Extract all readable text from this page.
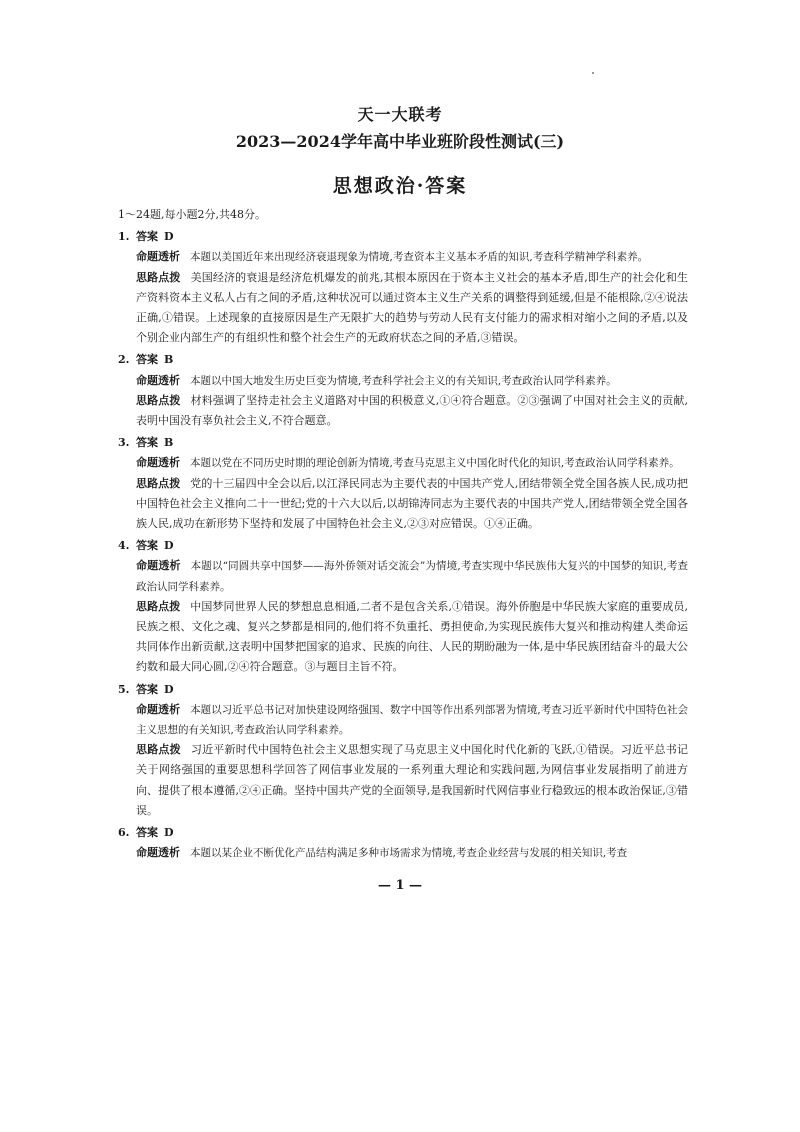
天一大联考
2023—2024学年高中毕业班阶段性测试(三)
思想政治·答案
1～24题,每小题2分,共48分。
1. 答案 D
命题透析 本题以美国近年来出现经济衰退现象为情境,考查资本主义基本矛盾的知识,考查科学精神学科素养。
思路点拨 美国经济的衰退是经济危机爆发的前兆,其根本原因在于资本主义社会的基本矛盾,即生产的社会化和生产资料资本主义私人占有之间的矛盾,这种状况可以通过资本主义生产关系的调整得到延缓,但是不能根除,②④说法正确,①错误。上述现象的直接原因是生产无限扩大的趋势与劳动人民有支付能力的需求相对缩小之间的矛盾,以及个别企业内部生产的有组织性和整个社会生产的无政府状态之间的矛盾,③错误。
2. 答案 B
命题透析 本题以中国大地发生历史巨变为情境,考查科学社会主义的有关知识,考查政治认同学科素养。
思路点拨 材料强调了坚持走社会主义道路对中国的积极意义,①④符合题意。②③强调了中国对社会主义的贡献,表明中国没有辜负社会主义,不符合题意。
3. 答案 B
命题透析 本题以党在不同历史时期的理论创新为情境,考查马克思主义中国化时代化的知识,考查政治认同学科素养。
思路点拨 党的十三届四中全会以后,以江泽民同志为主要代表的中国共产党人,团结带领全党全国各族人民,成功把中国特色社会主义推向二十一世纪;党的十六大以后,以胡锦涛同志为主要代表的中国共产党人,团结带领全党全国各族人民,成功在新形势下坚持和发展了中国特色社会主义,②③对应错误。①④正确。
4. 答案 D
命题透析 本题以“同圆共享中国梦——海外侨领对话交流会”为情境,考查实现中华民族伟大复兴的中国梦的知识,考查政治认同学科素养。
思路点拨 中国梦同世界人民的梦想息息相通,二者不是包含关系,①错误。海外侨胞是中华民族大家庭的重要成员,民族之根、文化之魂、复兴之梦都是相同的,他们将不负重托、勇担使命,为实现民族伟大复兴和推动构建人类命运共同体作出新贡献,这表明中国梦把国家的追求、民族的向往、人民的期盼融为一体,是中华民族团结奋斗的最大公约数和最大同心圆,②④符合题意。③与题目主旨不符。
5. 答案 D
命题透析 本题以习近平总书记对加快建设网络强国、数字中国等作出系列部署为情境,考查习近平新时代中国特色社会主义思想的有关知识,考查政治认同学科素养。
思路点拨 习近平新时代中国特色社会主义思想实现了马克思主义中国化时代化新的飞跃,①错误。习近平总书记关于网络强国的重要思想科学回答了网信事业发展的一系列重大理论和实践问题,为网信事业发展指明了前进方向、提供了根本遵循,②④正确。坚持中国共产党的全面领导,是我国新时代网信事业行稳致远的根本政治保证,③错误。
6. 答案 D
命题透析 本题以某企业不断优化产品结构满足多种市场需求为情境,考查企业经营与发展的相关知识,考查
— 1 —
